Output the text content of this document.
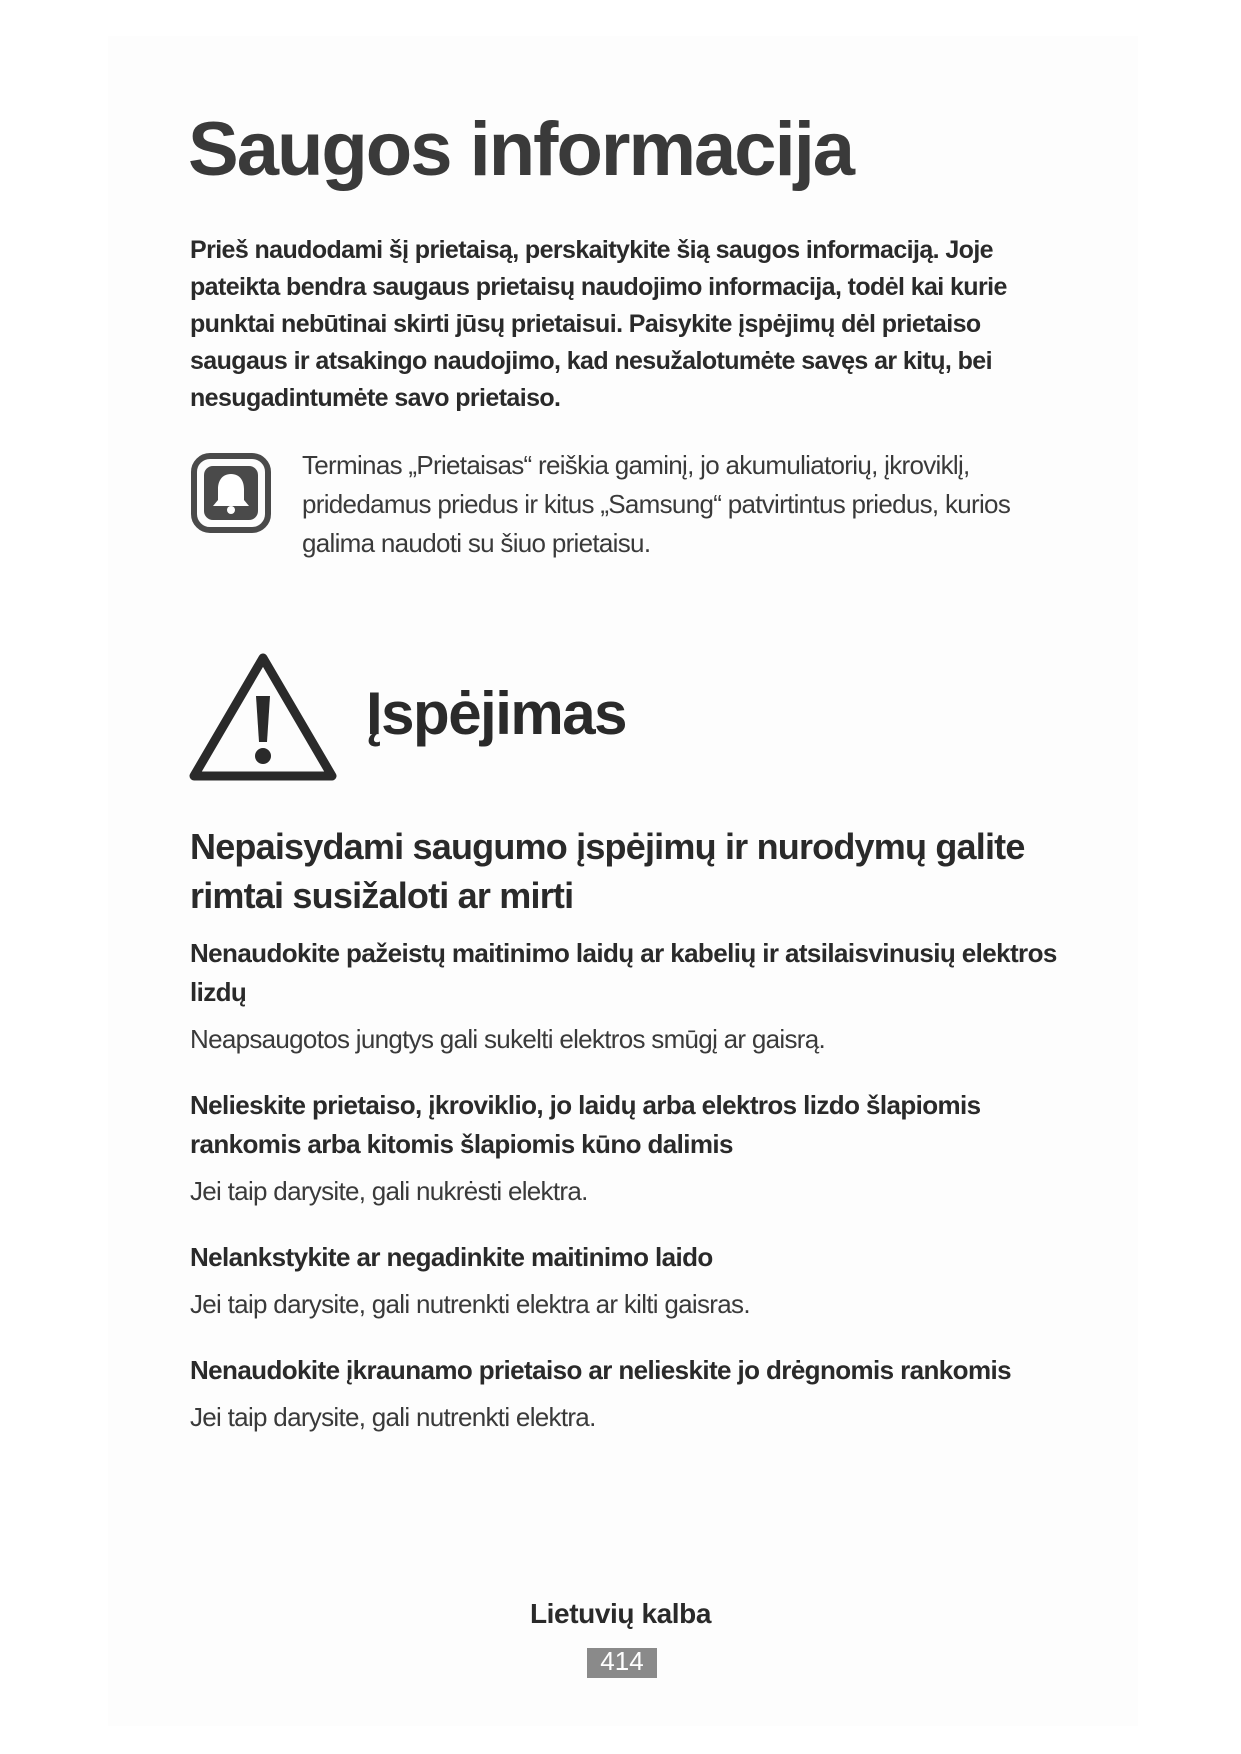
Saugos informacija

Prieš naudodami šį prietaisą, perskaitykite šią saugos informaciją. Joje pateikta bendra saugaus prietaisų naudojimo informacija, todėl kai kurie punktai nebūtinai skirti jūsų prietaisui. Paisykite įspėjimų dėl prietaiso saugaus ir atsakingo naudojimo, kad nesužalotumėte savęs ar kitų, bei nesugadintumėte savo prietaiso.

Terminas „Prietaisas“ reiškia gaminį, jo akumuliatorių, įkroviklį, pridedamus priedus ir kitus „Samsung“ patvirtintus priedus, kurios galima naudoti su šiuo prietaisu.

Įspėjimas
Nepaisydami saugumo įspėjimų ir nurodymų galite rimtai susižaloti ar mirti

Nenaudokite pažeistų maitinimo laidų ar kabelių ir atsilaisvinusių elektros lizdų

Neapsaugotos jungtys gali sukelti elektros smūgį ar gaisrą.

Nelieskite prietaiso, įkroviklio, jo laidų arba elektros lizdo šlapiomis rankomis arba kitomis šlapiomis kūno dalimis

Jei taip darysite, gali nukrėsti elektra.

Nelankstykite ar negadinkite maitinimo laido

Jei taip darysite, gali nutrenkti elektra ar kilti gaisras.

Nenaudokite įkraunamo prietaiso ar nelieskite jo drėgnomis rankomis

Jei taip darysite, gali nutrenkti elektra.

Lietuvių kalba

414
